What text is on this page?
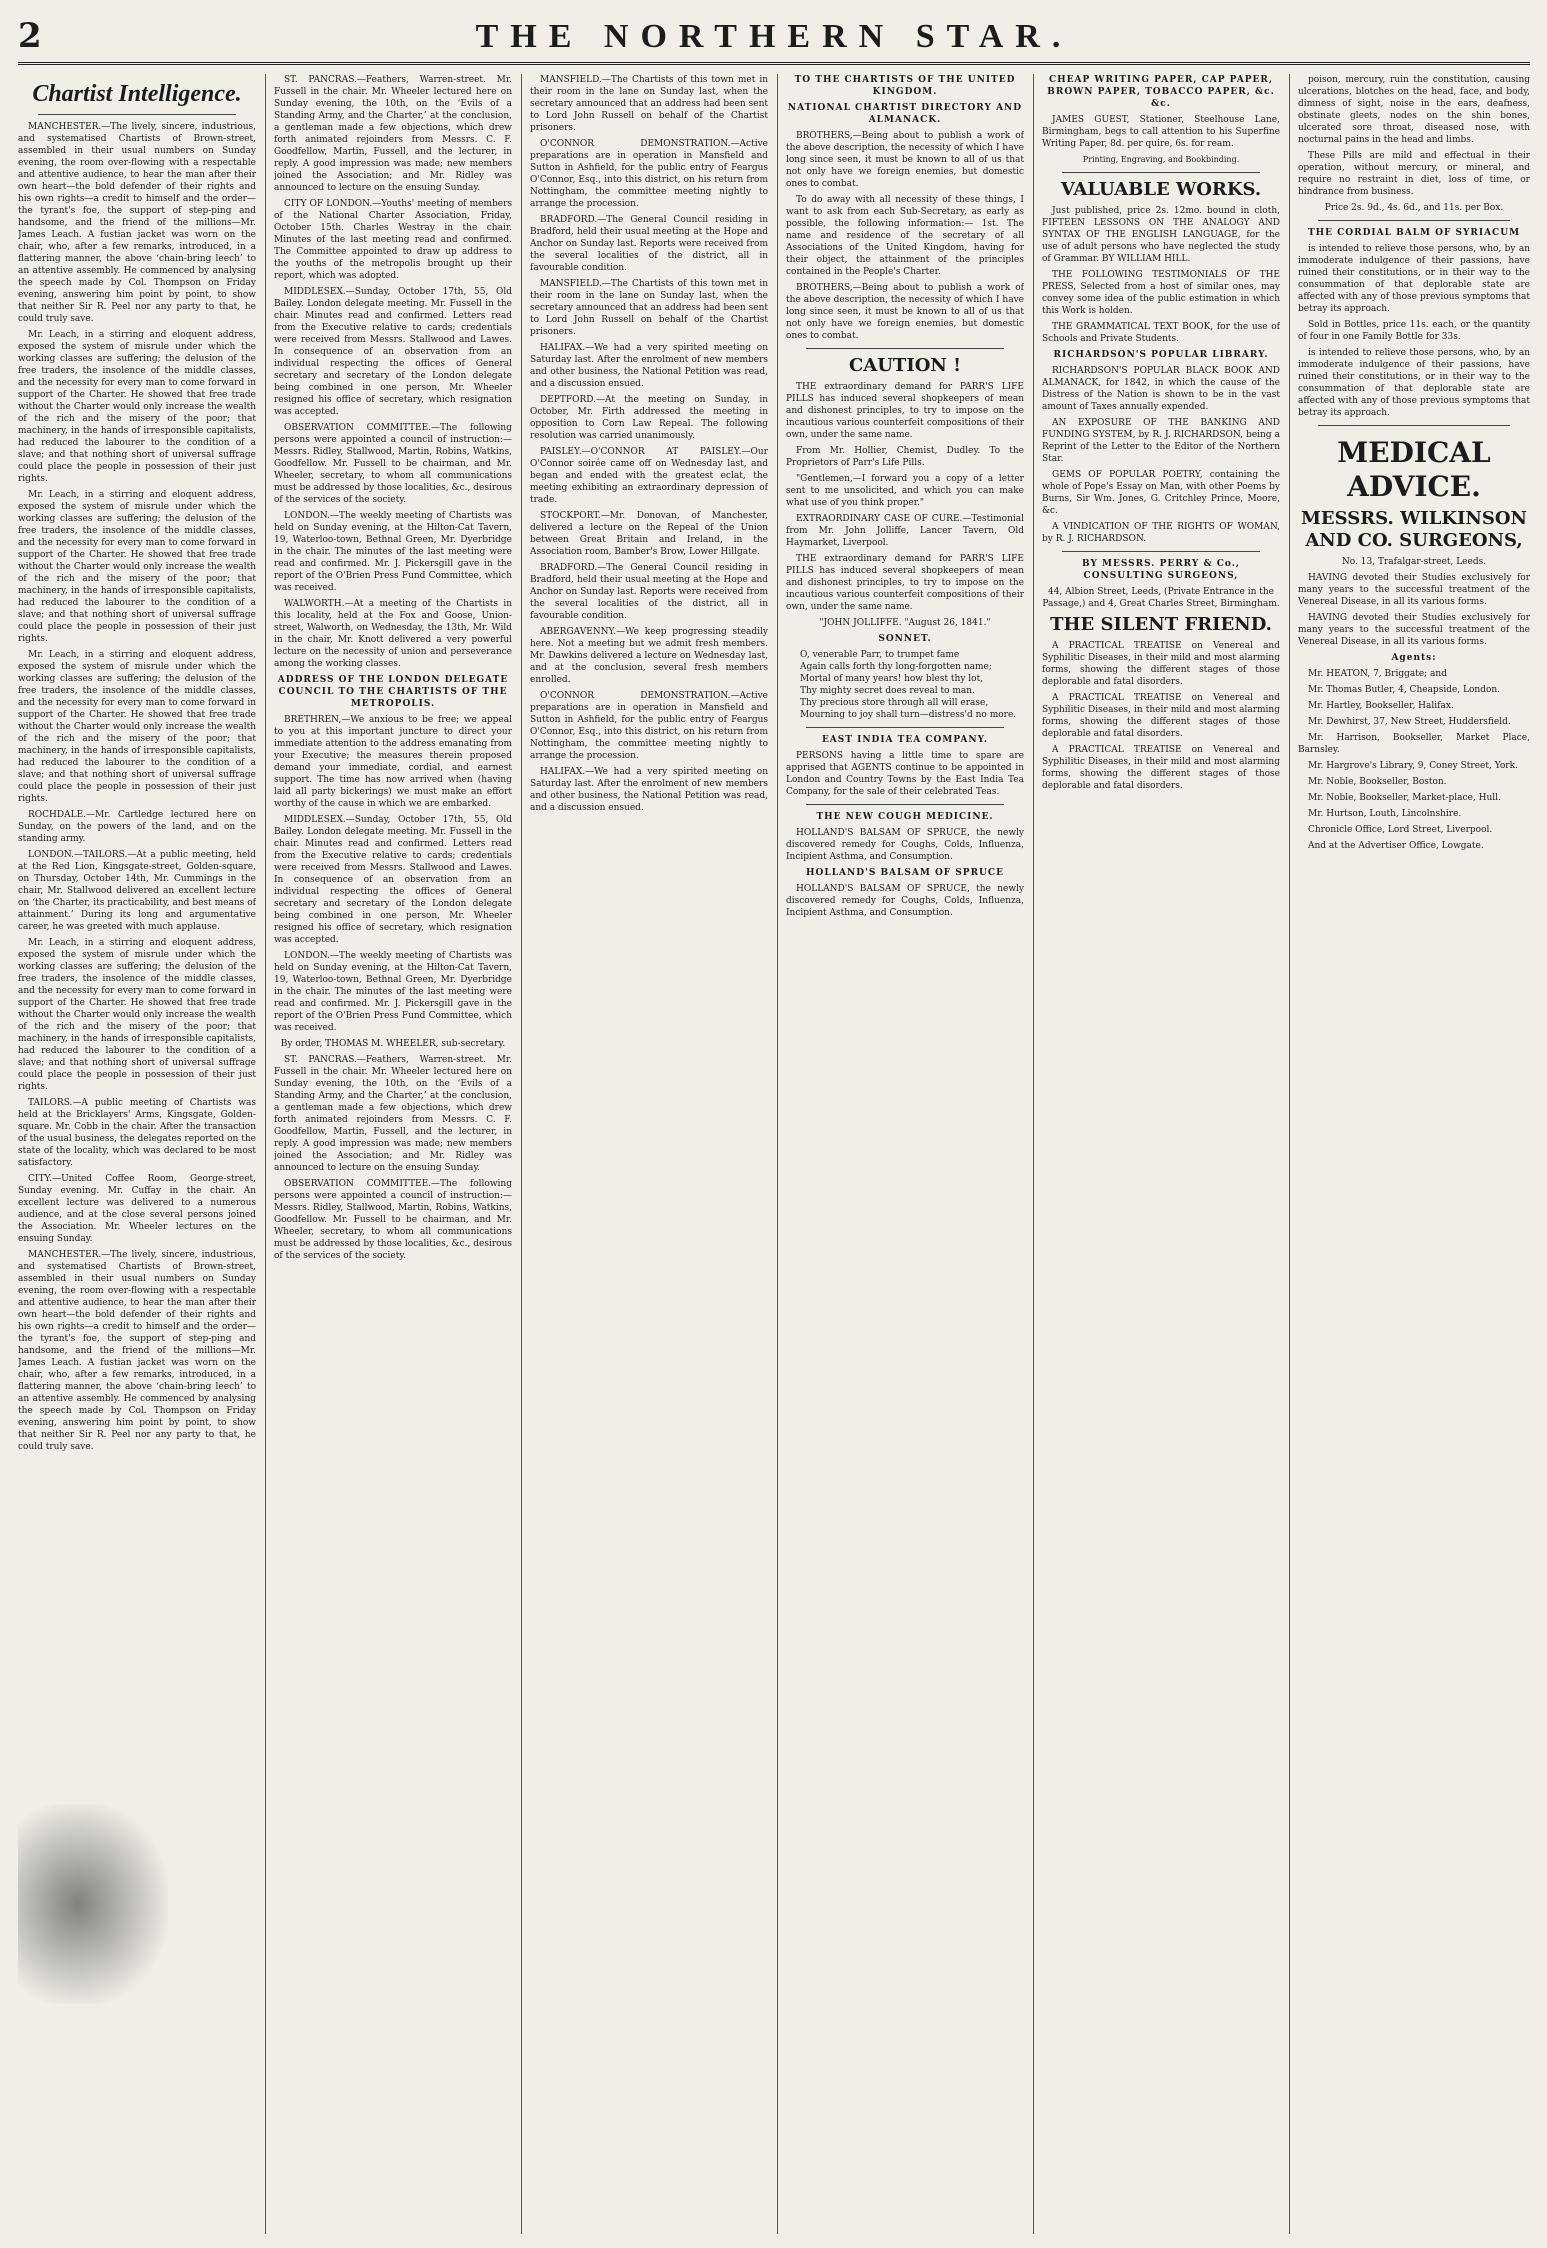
2	THE NORTHERN STAR.
Chartist Intelligence.

MANCHESTER.—The lively, sincere, industrious, and systematised Chartists of Brown-street, assembled in their usual numbers on Sunday evening, the room over-flowing with a respectable and attentive audience, to hear the man after their own heart—the bold defender of their rights and his own rights—a credit to himself and the order—the tyrant's foe, the support of step-ping and handsome, and the friend of the millions—Mr. James Leach. A fustian jacket was worn on the chair, who, after a few remarks, introduced, in a flattering manner, the above ‘chain-bring leech’ to an attentive assembly. He commenced by analysing the speech made by Col. Thompson on Friday evening, answering him point by point, to show that neither Sir R. Peel nor any party to that, he could truly save.

Mr. Leach, in a stirring and eloquent address, exposed the system of misrule under which the working classes are suffering; the delusion of the free traders, the insolence of the middle classes, and the necessity for every man to come forward in support of the Charter. He showed that free trade without the Charter would only increase the wealth of the rich and the misery of the poor; that machinery, in the hands of irresponsible capitalists, had reduced the labourer to the condition of a slave; and that nothing short of universal suffrage could place the people in possession of their just rights.

Mr. Leach, in a stirring and eloquent address, exposed the system of misrule under which the working classes are suffering; the delusion of the free traders, the insolence of the middle classes, and the necessity for every man to come forward in support of the Charter. He showed that free trade without the Charter would only increase the wealth of the rich and the misery of the poor; that machinery, in the hands of irresponsible capitalists, had reduced the labourer to the condition of a slave; and that nothing short of universal suffrage could place the people in possession of their just rights.

Mr. Leach, in a stirring and eloquent address, exposed the system of misrule under which the working classes are suffering; the delusion of the free traders, the insolence of the middle classes, and the necessity for every man to come forward in support of the Charter. He showed that free trade without the Charter would only increase the wealth of the rich and the misery of the poor; that machinery, in the hands of irresponsible capitalists, had reduced the labourer to the condition of a slave; and that nothing short of universal suffrage could place the people in possession of their just rights.

ROCHDALE.—Mr. Cartledge lectured here on Sunday, on the powers of the land, and on the standing army.

LONDON.—TAILORS.—At a public meeting, held at the Red Lion, Kingsgate-street, Golden-square, on Thursday, October 14th, Mr. Cummings in the chair, Mr. Stallwood delivered an excellent lecture on ‘the Charter, its practicability, and best means of attainment.’ During its long and argumentative career, he was greeted with much applause.

Mr. Leach, in a stirring and eloquent address, exposed the system of misrule under which the working classes are suffering; the delusion of the free traders, the insolence of the middle classes, and the necessity for every man to come forward in support of the Charter. He showed that free trade without the Charter would only increase the wealth of the rich and the misery of the poor; that machinery, in the hands of irresponsible capitalists, had reduced the labourer to the condition of a slave; and that nothing short of universal suffrage could place the people in possession of their just rights.

TAILORS.—A public meeting of Chartists was held at the Bricklayers' Arms, Kingsgate, Golden-square. Mr. Cobb in the chair. After the transaction of the usual business, the delegates reported on the state of the locality, which was declared to be most satisfactory.

CITY.—United Coffee Room, George-street, Sunday evening. Mr. Cuffay in the chair. An excellent lecture was delivered to a numerous audience, and at the close several persons joined the Association. Mr. Wheeler lectures on the ensuing Sunday.

MANCHESTER.—The lively, sincere, industrious, and systematised Chartists of Brown-street, assembled in their usual numbers on Sunday evening, the room over-flowing with a respectable and attentive audience, to hear the man after their own heart—the bold defender of their rights and his own rights—a credit to himself and the order—the tyrant's foe, the support of step-ping and handsome, and the friend of the millions—Mr. James Leach. A fustian jacket was worn on the chair, who, after a few remarks, introduced, in a flattering manner, the above ‘chain-bring leech’ to an attentive assembly. He commenced by analysing the speech made by Col. Thompson on Friday evening, answering him point by point, to show that neither Sir R. Peel nor any party to that, he could truly save.

ST. PANCRAS.—Feathers, Warren-street. Mr. Fussell in the chair. Mr. Wheeler lectured here on Sunday evening, the 10th, on the ‘Evils of a Standing Army, and the Charter,’ at the conclusion, a gentleman made a few objections, which drew forth animated rejoinders from Messrs. C. F. Goodfellow, Martin, Fussell, and the lecturer, in reply. A good impression was made; new members joined the Association; and Mr. Ridley was announced to lecture on the ensuing Sunday.

CITY OF LONDON.—Youths' meeting of members of the National Charter Association, Friday, October 15th. Charles Westray in the chair. Minutes of the last meeting read and confirmed. The Committee appointed to draw up address to the youths of the metropolis brought up their report, which was adopted.

MIDDLESEX.—Sunday, October 17th, 55, Old Bailey. London delegate meeting. Mr. Fussell in the chair. Minutes read and confirmed. Letters read from the Executive relative to cards; credentials were received from Messrs. Stallwood and Lawes. In consequence of an observation from an individual respecting the offices of General secretary and secretary of the London delegate being combined in one person, Mr. Wheeler resigned his office of secretary, which resignation was accepted.

OBSERVATION COMMITTEE.—The following persons were appointed a council of instruction:—Messrs. Ridley, Stallwood, Martin, Robins, Watkins, Goodfellow. Mr. Fussell to be chairman, and Mr. Wheeler, secretary, to whom all communications must be addressed by those localities, &c., desirous of the services of the society.

LONDON.—The weekly meeting of Chartists was held on Sunday evening, at the Hilton-Cat Tavern, 19, Waterloo-town, Bethnal Green, Mr. Dyerbridge in the chair. The minutes of the last meeting were read and confirmed. Mr. J. Pickersgill gave in the report of the O'Brien Press Fund Committee, which was received.

WALWORTH.—At a meeting of the Chartists in this locality, held at the Fox and Goose, Union-street, Walworth, on Wednesday, the 13th, Mr. Wild in the chair, Mr. Knott delivered a very powerful lecture on the necessity of union and perseverance among the working classes.

ADDRESS OF THE LONDON DELEGATE COUNCIL TO THE CHARTISTS OF THE METROPOLIS.

BRETHREN,—We anxious to be free; we appeal to you at this important juncture to direct your immediate attention to the address emanating from your Executive; the measures therein proposed demand your immediate, cordial, and earnest support. The time has now arrived when (having laid all party bickerings) we must make an effort worthy of the cause in which we are embarked.

MIDDLESEX.—Sunday, October 17th, 55, Old Bailey. London delegate meeting. Mr. Fussell in the chair. Minutes read and confirmed. Letters read from the Executive relative to cards; credentials were received from Messrs. Stallwood and Lawes. In consequence of an observation from an individual respecting the offices of General secretary and secretary of the London delegate being combined in one person, Mr. Wheeler resigned his office of secretary, which resignation was accepted.

LONDON.—The weekly meeting of Chartists was held on Sunday evening, at the Hilton-Cat Tavern, 19, Waterloo-town, Bethnal Green, Mr. Dyerbridge in the chair. The minutes of the last meeting were read and confirmed. Mr. J. Pickersgill gave in the report of the O'Brien Press Fund Committee, which was received.

By order, THOMAS M. WHEELER, sub-secretary.

ST. PANCRAS.—Feathers, Warren-street. Mr. Fussell in the chair. Mr. Wheeler lectured here on Sunday evening, the 10th, on the ‘Evils of a Standing Army, and the Charter,’ at the conclusion, a gentleman made a few objections, which drew forth animated rejoinders from Messrs. C. F. Goodfellow, Martin, Fussell, and the lecturer, in reply. A good impression was made; new members joined the Association; and Mr. Ridley was announced to lecture on the ensuing Sunday.

OBSERVATION COMMITTEE.—The following persons were appointed a council of instruction:—Messrs. Ridley, Stallwood, Martin, Robins, Watkins, Goodfellow. Mr. Fussell to be chairman, and Mr. Wheeler, secretary, to whom all communications must be addressed by those localities, &c., desirous of the services of the society.

MANSFIELD.—The Chartists of this town met in their room in the lane on Sunday last, when the secretary announced that an address had been sent to Lord John Russell on behalf of the Chartist prisoners.

O'CONNOR DEMONSTRATION.—Active preparations are in operation in Mansfield and Sutton in Ashfield, for the public entry of Feargus O'Connor, Esq., into this district, on his return from Nottingham, the committee meeting nightly to arrange the procession.

BRADFORD.—The General Council residing in Bradford, held their usual meeting at the Hope and Anchor on Sunday last. Reports were received from the several localities of the district, all in favourable condition.

MANSFIELD.—The Chartists of this town met in their room in the lane on Sunday last, when the secretary announced that an address had been sent to Lord John Russell on behalf of the Chartist prisoners.

HALIFAX.—We had a very spirited meeting on Saturday last. After the enrolment of new members and other business, the National Petition was read, and a discussion ensued.

DEPTFORD.—At the meeting on Sunday, in October, Mr. Firth addressed the meeting in opposition to Corn Law Repeal. The following resolution was carried unanimously.

PAISLEY.—O'CONNOR AT PAISLEY.—Our O'Connor soirée came off on Wednesday last, and began and ended with the greatest eclat, the meeting exhibiting an extraordinary depression of trade.

STOCKPORT.—Mr. Donovan, of Manchester, delivered a lecture on the Repeal of the Union between Great Britain and Ireland, in the Association room, Bamber's Brow, Lower Hillgate.

BRADFORD.—The General Council residing in Bradford, held their usual meeting at the Hope and Anchor on Sunday last. Reports were received from the several localities of the district, all in favourable condition.

ABERGAVENNY.—We keep progressing steadily here. Not a meeting but we admit fresh members. Mr. Dawkins delivered a lecture on Wednesday last, and at the conclusion, several fresh members enrolled.

O'CONNOR DEMONSTRATION.—Active preparations are in operation in Mansfield and Sutton in Ashfield, for the public entry of Feargus O'Connor, Esq., into this district, on his return from Nottingham, the committee meeting nightly to arrange the procession.

HALIFAX.—We had a very spirited meeting on Saturday last. After the enrolment of new members and other business, the National Petition was read, and a discussion ensued.

TO THE CHARTISTS OF THE UNITED KINGDOM.

NATIONAL CHARTIST DIRECTORY AND ALMANACK.

BROTHERS,—Being about to publish a work of the above description, the necessity of which I have long since seen, it must be known to all of us that not only have we foreign enemies, but domestic ones to combat.

To do away with all necessity of these things, I want to ask from each Sub-Secretary, as early as possible, the following information:— 1st. The name and residence of the secretary of all Associations of the United Kingdom, having for their object, the attainment of the principles contained in the People's Charter.

BROTHERS,—Being about to publish a work of the above description, the necessity of which I have long since seen, it must be known to all of us that not only have we foreign enemies, but domestic ones to combat.

CAUTION !

THE extraordinary demand for PARR'S LIFE PILLS has induced several shopkeepers of mean and dishonest principles, to try to impose on the incautious various counterfeit compositions of their own, under the same name.

From Mr. Hollier, Chemist, Dudley. To the Proprietors of Parr's Life Pills.

"Gentlemen,—I forward you a copy of a letter sent to me unsolicited, and which you can make what use of you think proper."

EXTRAORDINARY CASE OF CURE.—Testimonial from Mr. John Jolliffe, Lancer Tavern, Old Haymarket, Liverpool.

THE extraordinary demand for PARR'S LIFE PILLS has induced several shopkeepers of mean and dishonest principles, to try to impose on the incautious various counterfeit compositions of their own, under the same name.

"JOHN JOLLIFFE. "August 26, 1841."

SONNET.

O, venerable Parr, to trumpet fame

Again calls forth thy long-forgotten name;

Mortal of many years! how blest thy lot,

Thy mighty secret does reveal to man.

Thy precious store through all will erase,

Mourning to joy shall turn—distress'd no more.

EAST INDIA TEA COMPANY.

PERSONS having a little time to spare are apprised that AGENTS continue to be appointed in London and Country Towns by the East India Tea Company, for the sale of their celebrated Teas.

THE NEW COUGH MEDICINE.

HOLLAND'S BALSAM OF SPRUCE, the newly discovered remedy for Coughs, Colds, Influenza, Incipient Asthma, and Consumption.

HOLLAND'S BALSAM OF SPRUCE

HOLLAND'S BALSAM OF SPRUCE, the newly discovered remedy for Coughs, Colds, Influenza, Incipient Asthma, and Consumption.

CHEAP WRITING PAPER, CAP PAPER, BROWN PAPER, TOBACCO PAPER, &c. &c.

JAMES GUEST, Stationer, Steelhouse Lane, Birmingham, begs to call attention to his Superfine Writing Paper, 8d. per quire, 6s. for ream.

Printing, Engraving, and Bookbinding.

VALUABLE WORKS.

Just published, price 2s. 12mo. bound in cloth, FIFTEEN LESSONS ON THE ANALOGY AND SYNTAX OF THE ENGLISH LANGUAGE, for the use of adult persons who have neglected the study of Grammar. BY WILLIAM HILL.

THE FOLLOWING TESTIMONIALS OF THE PRESS, Selected from a host of similar ones, may convey some idea of the public estimation in which this Work is holden.

THE GRAMMATICAL TEXT BOOK, for the use of Schools and Private Students.

RICHARDSON'S POPULAR LIBRARY.

RICHARDSON'S POPULAR BLACK BOOK AND ALMANACK, for 1842, in which the cause of the Distress of the Nation is shown to be in the vast amount of Taxes annually expended.

AN EXPOSURE OF THE BANKING AND FUNDING SYSTEM, by R. J. RICHARDSON, being a Reprint of the Letter to the Editor of the Northern Star.

GEMS OF POPULAR POETRY, containing the whole of Pope's Essay on Man, with other Poems by Burns, Sir Wm. Jones, G. Critchley Prince, Moore, &c.

A VINDICATION OF THE RIGHTS OF WOMAN, by R. J. RICHARDSON.

BY MESSRS. PERRY & Co., CONSULTING SURGEONS,

44, Albion Street, Leeds, (Private Entrance in the Passage,) and 4, Great Charles Street, Birmingham.

THE SILENT FRIEND.

A PRACTICAL TREATISE on Venereal and Syphilitic Diseases, in their mild and most alarming forms, showing the different stages of those deplorable and fatal disorders.

A PRACTICAL TREATISE on Venereal and Syphilitic Diseases, in their mild and most alarming forms, showing the different stages of those deplorable and fatal disorders.

A PRACTICAL TREATISE on Venereal and Syphilitic Diseases, in their mild and most alarming forms, showing the different stages of those deplorable and fatal disorders.

poison, mercury, ruin the constitution, causing ulcerations, blotches on the head, face, and body, dimness of sight, noise in the ears, deafness, obstinate gleets, nodes on the shin bones, ulcerated sore throat, diseased nose, with nocturnal pains in the head and limbs.

These Pills are mild and effectual in their operation, without mercury, or mineral, and require no restraint in diet, loss of time, or hindrance from business.

Price 2s. 9d., 4s. 6d., and 11s. per Box.

THE CORDIAL BALM OF SYRIACUM

is intended to relieve those persons, who, by an immoderate indulgence of their passions, have ruined their constitutions, or in their way to the consummation of that deplorable state are affected with any of those previous symptoms that betray its approach.

Sold in Bottles, price 11s. each, or the quantity of four in one Family Bottle for 33s.

is intended to relieve those persons, who, by an immoderate indulgence of their passions, have ruined their constitutions, or in their way to the consummation of that deplorable state are affected with any of those previous symptoms that betray its approach.

MEDICAL ADVICE.

MESSRS. WILKINSON AND CO. SURGEONS,

No. 13, Trafalgar-street, Leeds.

HAVING devoted their Studies exclusively for many years to the successful treatment of the Venereal Disease, in all its various forms.

HAVING devoted their Studies exclusively for many years to the successful treatment of the Venereal Disease, in all its various forms.

Agents:

Mr. HEATON, 7, Briggate; and

Mr. Thomas Butler, 4, Cheapside, London.

Mr. Hartley, Bookseller, Halifax.

Mr. Dewhirst, 37, New Street, Huddersfield.

Mr. Harrison, Bookseller, Market Place, Barnsley.

Mr. Hargrove's Library, 9, Coney Street, York.

Mr. Noble, Bookseller, Boston.

Mr. Noble, Bookseller, Market-place, Hull.

Mr. Hurtson, Louth, Lincolnshire.

Chronicle Office, Lord Street, Liverpool.

And at the Advertiser Office, Lowgate.
